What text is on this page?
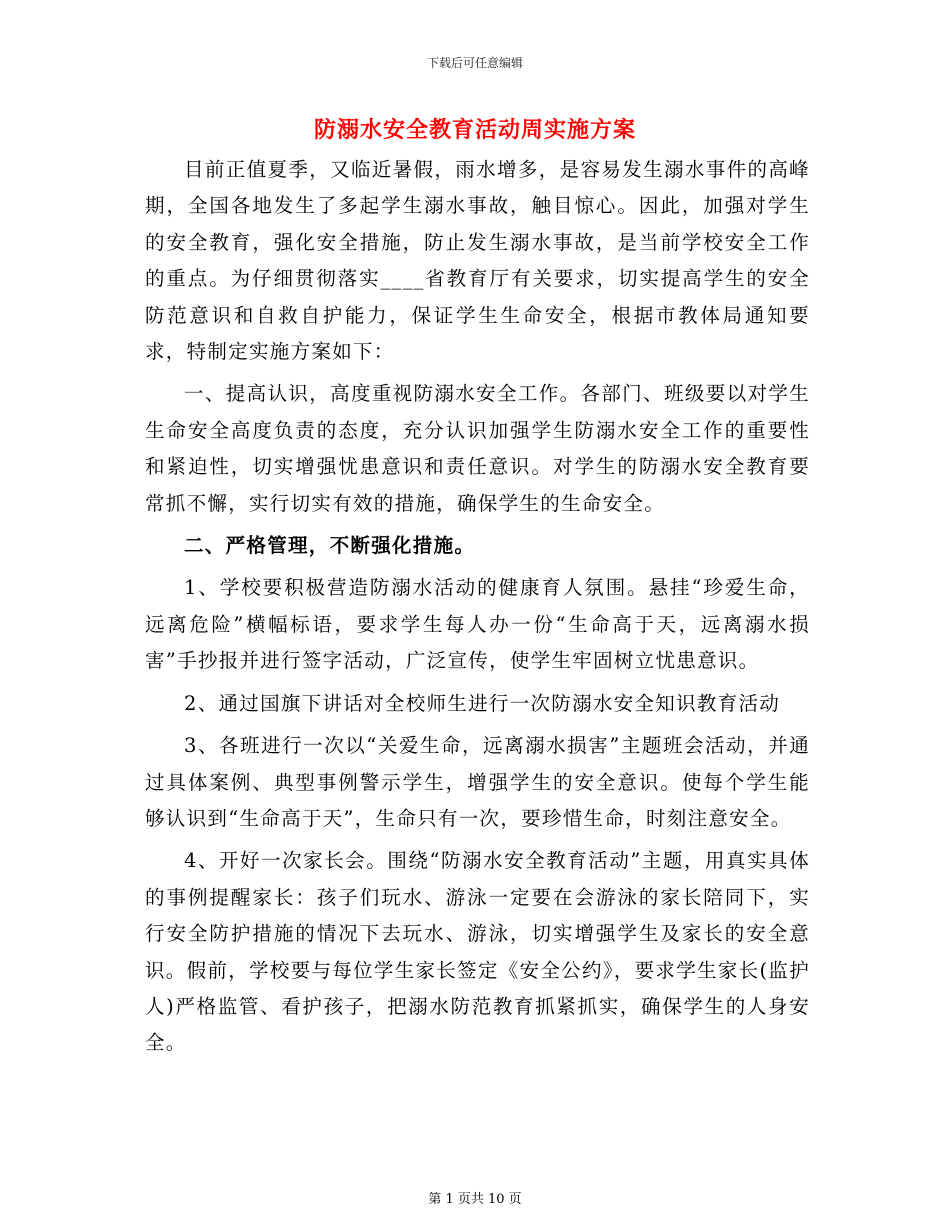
下载后可任意编辑
防溺水安全教育活动周实施方案

目前正值夏季，又临近暑假，雨水增多，是容易发生溺水事件的高峰期，全国各地发生了多起学生溺水事故，触目惊心。因此，加强对学生的安全教育，强化安全措施，防止发生溺水事故，是当前学校安全工作的重点。为仔细贯彻落实____省教育厅有关要求，切实提高学生的安全防范意识和自救自护能力，保证学生生命安全，根据市教体局通知要求，特制定实施方案如下：

一、提高认识，高度重视防溺水安全工作。各部门、班级要以对学生生命安全高度负责的态度，充分认识加强学生防溺水安全工作的重要性和紧迫性，切实增强忧患意识和责任意识。对学生的防溺水安全教育要常抓不懈，实行切实有效的措施，确保学生的生命安全。

二、严格管理，不断强化措施。

1、学校要积极营造防溺水活动的健康育人氛围。悬挂“珍爱生命，远离危险”横幅标语，要求学生每人办一份“生命高于天，远离溺水损害”手抄报并进行签字活动，广泛宣传，使学生牢固树立忧患意识。

2、通过国旗下讲话对全校师生进行一次防溺水安全知识教育活动

3、各班进行一次以“关爱生命，远离溺水损害”主题班会活动，并通过具体案例、典型事例警示学生，增强学生的安全意识。使每个学生能够认识到“生命高于天”，生命只有一次，要珍惜生命，时刻注意安全。

4、开好一次家长会。围绕“防溺水安全教育活动”主题，用真实具体的事例提醒家长：孩子们玩水、游泳一定要在会游泳的家长陪同下，实行安全防护措施的情况下去玩水、游泳，切实增强学生及家长的安全意识。假前，学校要与每位学生家长签定《安全公约》，要求学生家长(监护人)严格监管、看护孩子，把溺水防范教育抓紧抓实，确保学生的人身安全。

第 1 页共 10 页
